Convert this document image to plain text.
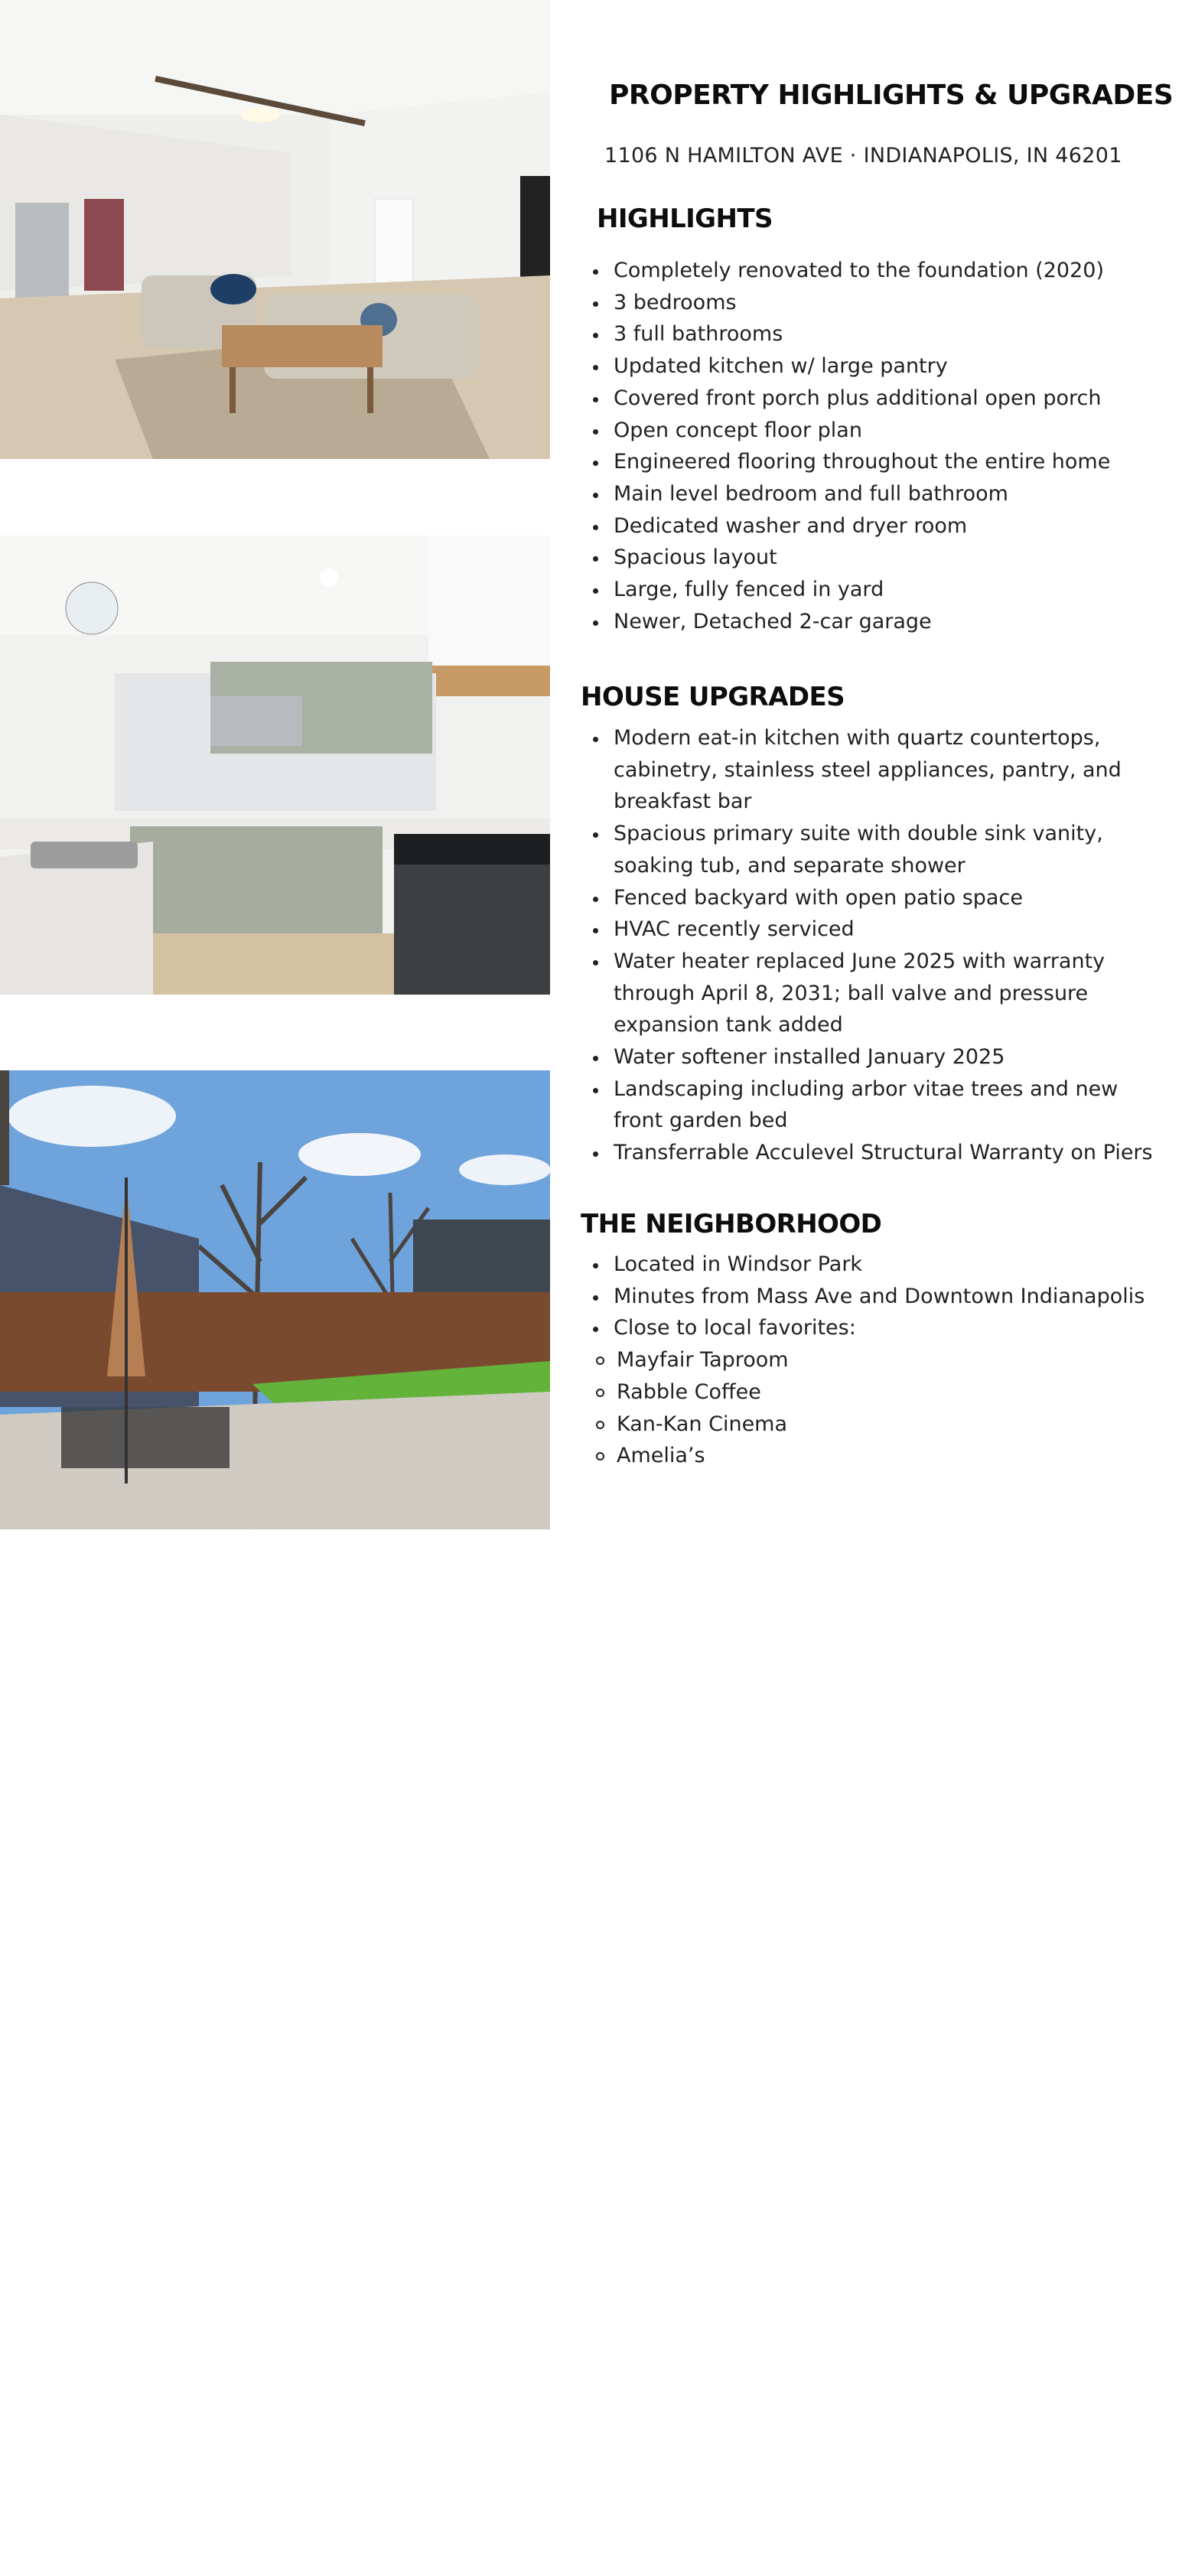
∞
MIBOR | BLC
PROPERTY HIGHLIGHTS & UPGRADES
1106 N HAMILTON AVE · INDIANAPOLIS, IN 46201
HIGHLIGHTS
Completely renovated to the foundation (2020)
3 bedrooms
3 full bathrooms
Updated kitchen w/ large pantry
Covered front porch plus additional open porch
Open concept floor plan
Engineered flooring throughout the entire home
Main level bedroom and full bathroom
Dedicated washer and dryer room
Spacious layout
Large, fully fenced in yard
Newer, Detached 2-car garage
HOUSE UPGRADES
Modern eat-in kitchen with quartz countertops, cabinetry, stainless steel appliances, pantry, and breakfast bar
Spacious primary suite with double sink vanity, soaking tub, and separate shower
Fenced backyard with open patio space
HVAC recently serviced
Water heater replaced June 2025 with warranty through April 8, 2031; ball valve and pressure expansion tank added
Water softener installed January 2025
Landscaping including arbor vitae trees and new front garden bed
Transferrable Acculevel Structural Warranty on Piers
THE NEIGHBORHOOD
Located in Windsor Park
Minutes from Mass Ave and Downtown Indianapolis
Close to local favorites:
Mayfair Taproom
Rabble Coffee
Kan-Kan Cinema
Amelia’s
